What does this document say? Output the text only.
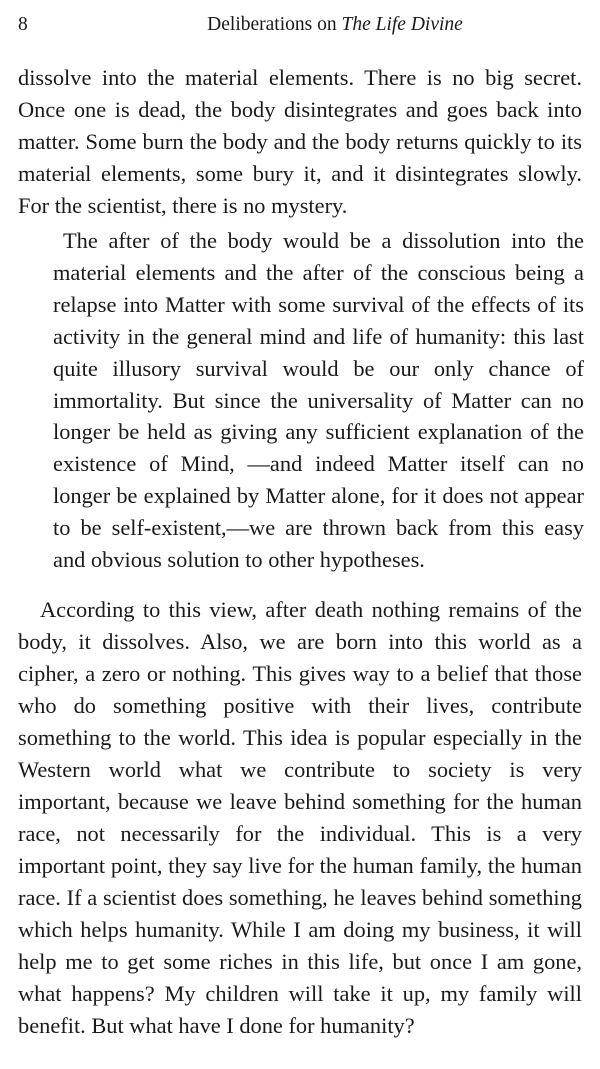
8	Deliberations on The Life Divine

dissolve into the material elements. There is no big secret. Once one is dead, the body disintegrates and goes back into matter. Some burn the body and the body returns quickly to its material elements, some bury it, and it disintegrates slowly. For the scientist, there is no mystery.

The after of the body would be a dissolution into the material elements and the after of the conscious being a relapse into Matter with some survival of the effects of its activity in the general mind and life of humanity: this last quite illusory survival would be our only chance of immortality. But since the universality of Matter can no longer be held as giving any sufficient explanation of the existence of Mind, —and indeed Matter itself can no longer be explained by Matter alone, for it does not appear to be self-existent,—we are thrown back from this easy and obvious solution to other hypotheses.

According to this view, after death nothing remains of the body, it dissolves. Also, we are born into this world as a cipher, a zero or nothing. This gives way to a belief that those who do something positive with their lives, contribute something to the world. This idea is popular especially in the Western world what we contribute to society is very important, because we leave behind something for the human race, not necessarily for the individual. This is a very important point, they say live for the human family, the human race. If a scientist does something, he leaves behind something which helps humanity. While I am doing my business, it will help me to get some riches in this life, but once I am gone, what happens? My children will take it up, my family will benefit. But what have I done for humanity?
